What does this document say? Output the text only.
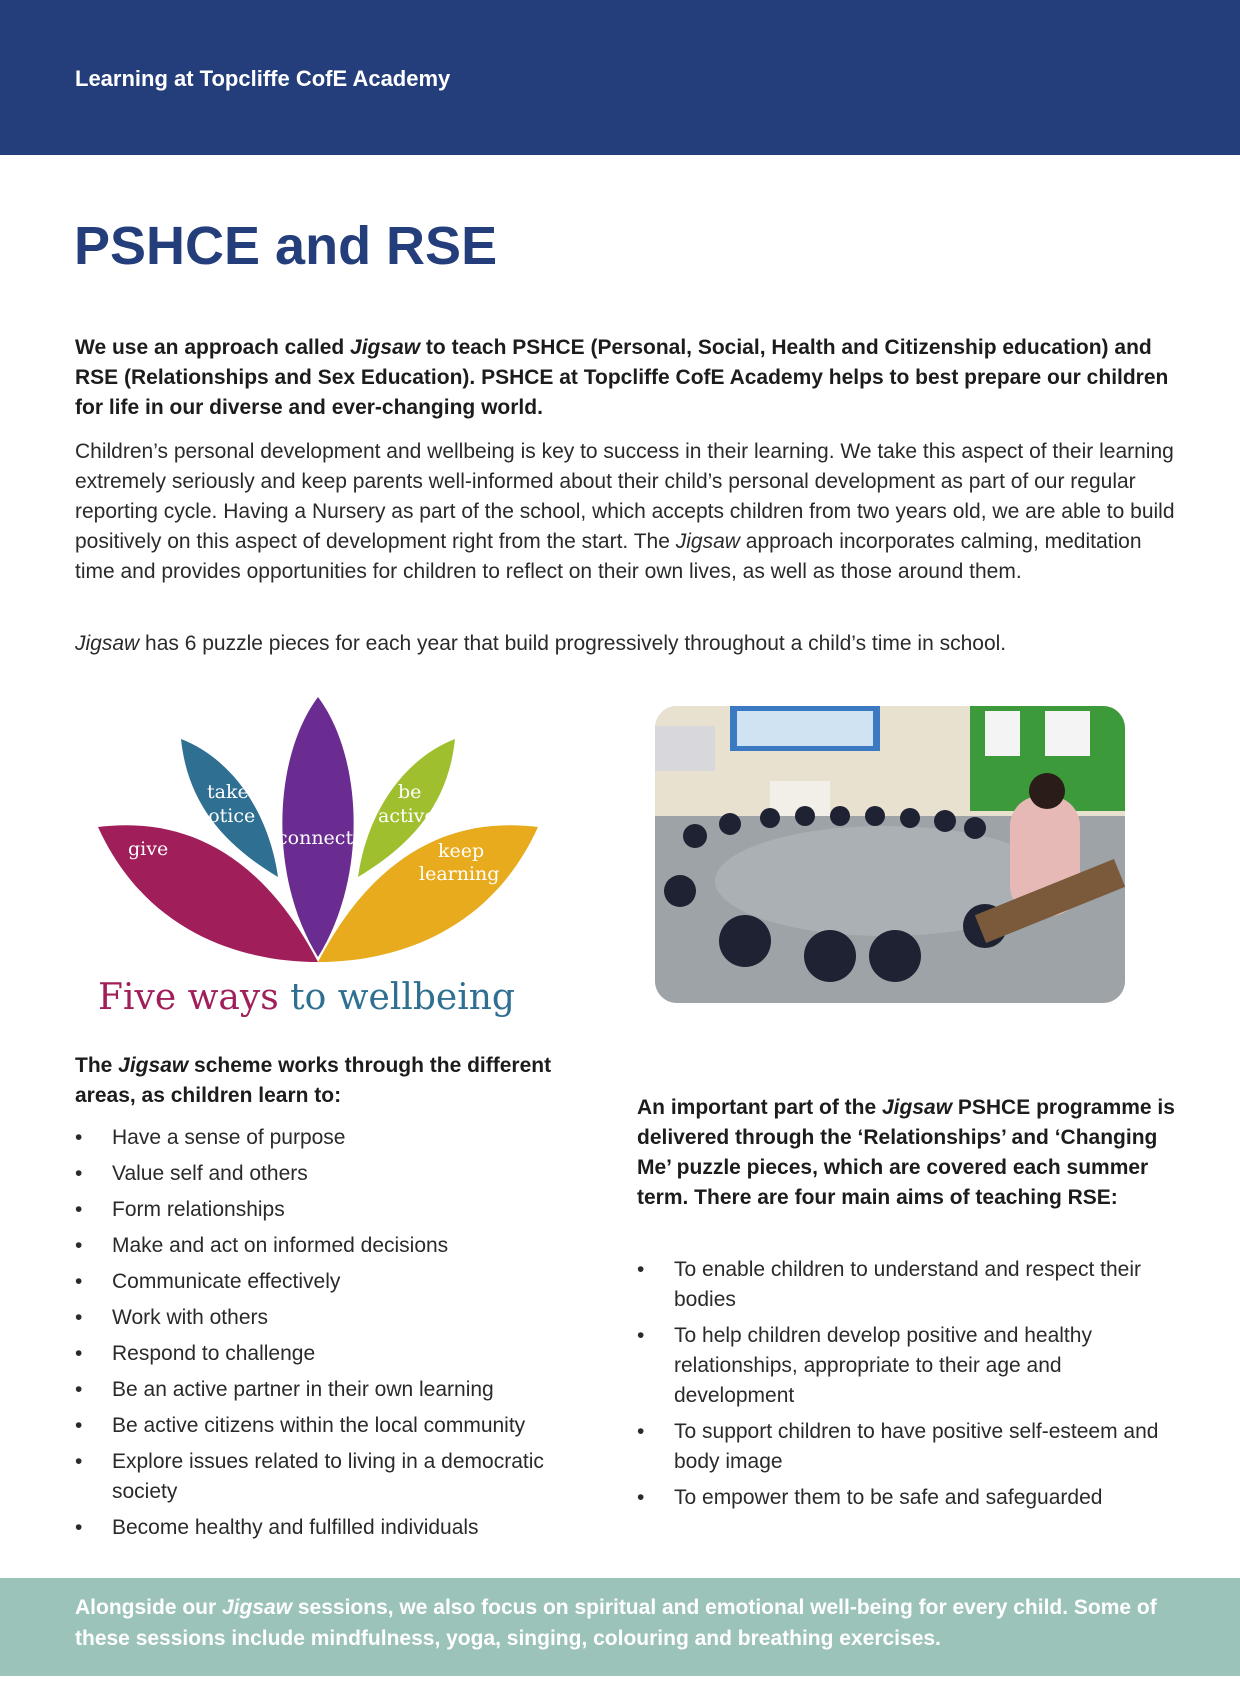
Learning at Topcliffe CofE Academy
PSHCE and RSE

We use an approach called Jigsaw to teach PSHCE (Personal, Social, Health and Citizenship education) and RSE (Relationships and Sex Education). PSHCE at Topcliffe CofE Academy helps to best prepare our children for life in our diverse and ever-changing world.

Children’s personal development and wellbeing is key to success in their learning. We take this aspect of their learning extremely seriously and keep parents well-informed about their child’s personal development as part of our regular reporting cycle. Having a Nursery as part of the school, which accepts children from two years old, we are able to build positively on this aspect of development right from the start. The Jigsaw approach incorporates calming, meditation time and provides opportunities for children to reflect on their own lives, as well as those around them.

Jigsaw has 6 puzzle pieces for each year that build progressively throughout a child’s time in school.

give
take
notice
connect
be
active
keep
learning
Five ways to wellbeing

The Jigsaw scheme works through the different areas, as children learn to:

• Have a sense of purpose
• Value self and others
• Form relationships
• Make and act on informed decisions
• Communicate effectively
• Work with others
• Respond to challenge
• Be an active partner in their own learning
• Be active citizens within the local community
• Explore issues related to living in a democratic society
• Become healthy and fulfilled individuals

An important part of the Jigsaw PSHCE programme is delivered through the ‘Relationships’ and ‘Changing Me’ puzzle pieces, which are covered each summer term. There are four main aims of teaching RSE:

• To enable children to understand and respect their bodies
• To help children develop positive and healthy relationships, appropriate to their age and development
• To support children to have positive self-esteem and body image
• To empower them to be safe and safeguarded

Alongside our Jigsaw sessions, we also focus on spiritual and emotional well-being for every child. Some of these sessions include mindfulness, yoga, singing, colouring and breathing exercises.
